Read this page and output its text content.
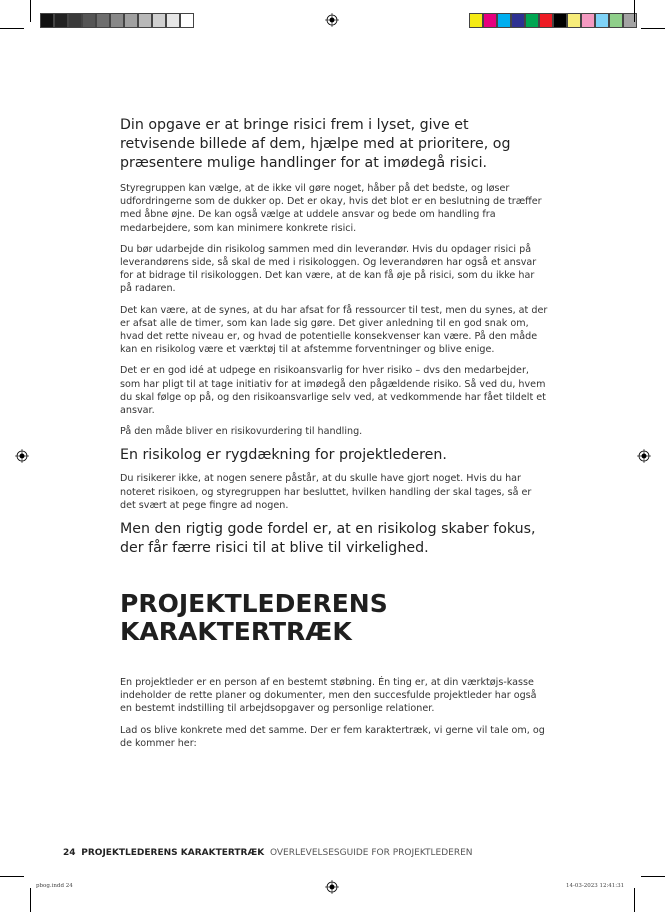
Din opgave er at bringe risici frem i lyset, give et retvisende billede af dem, hjælpe med at prioritere, og præsentere mulige handlinger for at imødegå risici.

Styregruppen kan vælge, at de ikke vil gøre noget, håber på det bedste, og løser udfordringerne som de dukker op. Det er okay, hvis det blot er en beslutning de træffer med åbne øjne. De kan også vælge at uddele ansvar og bede om handling fra medarbejdere, som kan minimere konkrete risici.

Du bør udarbejde din risikolog sammen med din leverandør. Hvis du opdager risici på leverandørens side, så skal de med i risikologgen. Og leverandøren har også et ansvar for at bidrage til risikologgen. Det kan være, at de kan få øje på risici, som du ikke har på radaren.

Det kan være, at de synes, at du har afsat for få ressourcer til test, men du synes, at der er afsat alle de timer, som kan lade sig gøre. Det giver anledning til en god snak om, hvad det rette niveau er, og hvad de potentielle konsekvenser kan være. På den måde kan en risikolog være et værktøj til at afstemme forventninger og blive enige.

Det er en god idé at udpege en risikoansvarlig for hver risiko – dvs den medarbejder, som har pligt til at tage initiativ for at imødegå den pågældende risiko. Så ved du, hvem du skal følge op på, og den risikoansvarlige selv ved, at vedkommende har fået tildelt et ansvar.

På den måde bliver en risikovurdering til handling.

En risikolog er rygdækning for projektlederen.

Du risikerer ikke, at nogen senere påstår, at du skulle have gjort noget. Hvis du har noteret risikoen, og styregruppen har besluttet, hvilken handling der skal tages, så er det svært at pege fingre ad nogen.

Men den rigtig gode fordel er, at en risikolog skaber fokus, der får færre risici til at blive til virkelighed.

PROJEKTLEDERENS KARAKTERTRÆK

En projektleder er en person af en bestemt støbning. Én ting er, at din værktøjs-kasse indeholder de rette planer og dokumenter, men den succesfulde projektleder har også en bestemt indstilling til arbejdsopgaver og personlige relationer.

Lad os blive konkrete med det samme. Der er fem karaktertræk, vi gerne vil tale om, og de kommer her:

24 PROJEKTLEDERENS KARAKTERTRÆK OVERLEVELSESGUIDE FOR PROJEKTLEDEREN
pbog.indd 24	14-03-2023 12:41:31
